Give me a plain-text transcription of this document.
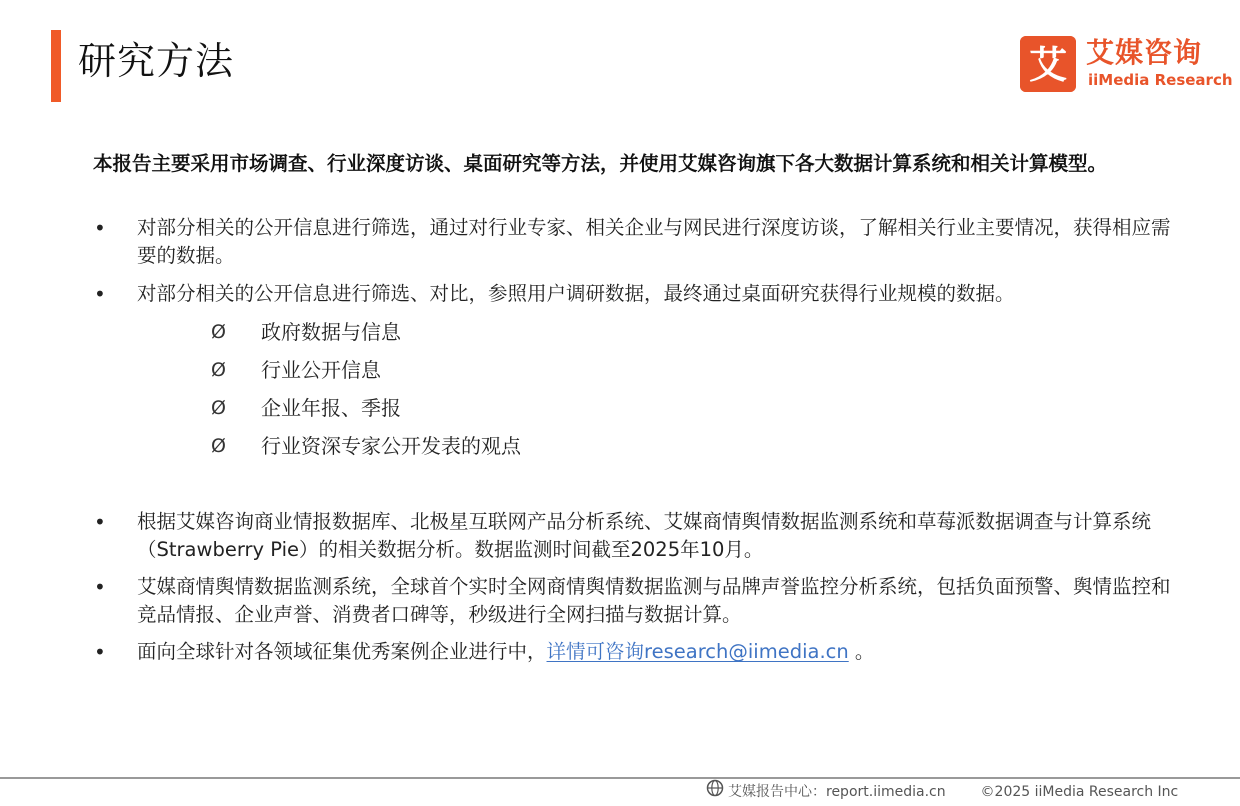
研究方法	艾 艾媒咨询
iiMedia Research
本报告主要采用市场调查、行业深度访谈、桌面研究等方法，并使用艾媒咨询旗下各大数据计算系统和相关计算模型。
• 对部分相关的公开信息进行筛选，通过对行业专家、相关企业与网民进行深度访谈，了解相关行业主要情况，获得相应需要的数据。
• 对部分相关的公开信息进行筛选、对比，参照用户调研数据，最终通过桌面研究获得行业规模的数据。
Ø 政府数据与信息
Ø 行业公开信息
Ø 企业年报、季报
Ø 行业资深专家公开发表的观点
• 根据艾媒咨询商业情报数据库、北极星互联网产品分析系统、艾媒商情舆情数据监测系统和草莓派数据调查与计算系统（Strawberry Pie）的相关数据分析。数据监测时间截至2025年10月。
• 艾媒商情舆情数据监测系统，全球首个实时全网商情舆情数据监测与品牌声誉监控分析系统，包括负面预警、舆情监控和竞品情报、企业声誉、消费者口碑等，秒级进行全网扫描与数据计算。
• 面向全球针对各领域征集优秀案例企业进行中，详情可咨询research@iimedia.cn 。
艾媒报告中心：report.iimedia.cn ©2025 iiMedia Research Inc
